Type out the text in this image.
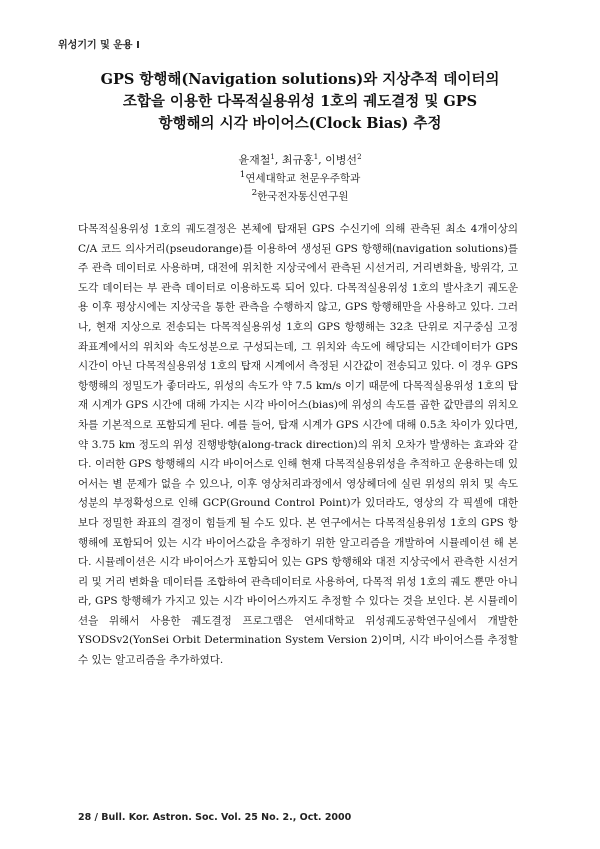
위성기기 및 운용 I
GPS 항행해(Navigation solutions)와 지상추적 데이터의
조합을 이용한 다목적실용위성 1호의 궤도결정 및 GPS
항행해의 시각 바이어스(Clock Bias) 추정
윤재철$^1$, 최규홍$^1$, 이병선$^2$
$^1$연세대학교 천문우주학과
$^2$한국전자통신연구원

다목적실용위성 1호의 궤도결정은 본체에 탑재된 GPS 수신기에 의해 관측된 최소 4개이상의 C/A 코드 의사거리(pseudorange)를 이용하여 생성된 GPS 항행해(navigation solutions)를 주 관측 데이터로 사용하며, 대전에 위치한 지상국에서 관측된 시선거리, 거리변화율, 방위각, 고도각 데이터는 부 관측 데이터로 이용하도록 되어 있다. 다목적실용위성 1호의 발사초기 궤도운용 이후 평상시에는 지상국을 통한 관측을 수행하지 않고, GPS 항행해만을 사용하고 있다. 그러나, 현재 지상으로 전송되는 다목적실용위성 1호의 GPS 항행해는 32초 단위로 지구중심 고정 좌표계에서의 위치와 속도성분으로 구성되는데, 그 위치와 속도에 해당되는 시간데이터가 GPS 시간이 아닌 다목적실용위성 1호의 탑재 시계에서 측정된 시간값이 전송되고 있다. 이 경우 GPS 항행해의 정밀도가 좋더라도, 위성의 속도가 약 7.5 km/s 이기 때문에 다목적실용위성 1호의 탑재 시계가 GPS 시간에 대해 가지는 시각 바이어스(bias)에 위성의 속도를 곱한 값만큼의 위치오차를 기본적으로 포함되게 된다. 예를 들어, 탑재 시계가 GPS 시간에 대해 0.5초 차이가 있다면, 약 3.75 km 정도의 위성 진행방향(along-track direction)의 위치 오차가 발생하는 효과와 같다. 이러한 GPS 항행해의 시각 바이어스로 인해 현재 다목적실용위성을 추적하고 운용하는데 있어서는 별 문제가 없을 수 있으나, 이후 영상처리과정에서 영상헤더에 실린 위성의 위치 및 속도성분의 부정확성으로 인해 GCP(Ground Control Point)가 있더라도, 영상의 각 픽셀에 대한 보다 정밀한 좌표의 결정이 힘들게 될 수도 있다. 본 연구에서는 다목적실용위성 1호의 GPS 항행해에 포함되어 있는 시각 바이어스값을 추정하기 위한 알고리즘을 개발하여 시뮬레이션 해 본다. 시뮬레이션은 시각 바이어스가 포함되어 있는 GPS 항행해와 대전 지상국에서 관측한 시선거리 및 거리 변화율 데이터를 조합하여 관측데이터로 사용하여, 다목적 위성 1호의 궤도 뿐만 아니라, GPS 항행해가 가지고 있는 시각 바이어스까지도 추정할 수 있다는 것을 보인다. 본 시뮬레이션을 위해서 사용한 궤도결정 프로그램은 연세대학교 위성궤도공학연구실에서 개발한 YSODSv2(YonSei Orbit Determination System Version 2)이며, 시각 바이어스를 추정할 수 있는 알고리즘을 추가하였다.

28 / Bull. Kor. Astron. Soc. Vol. 25 No. 2., Oct. 2000
